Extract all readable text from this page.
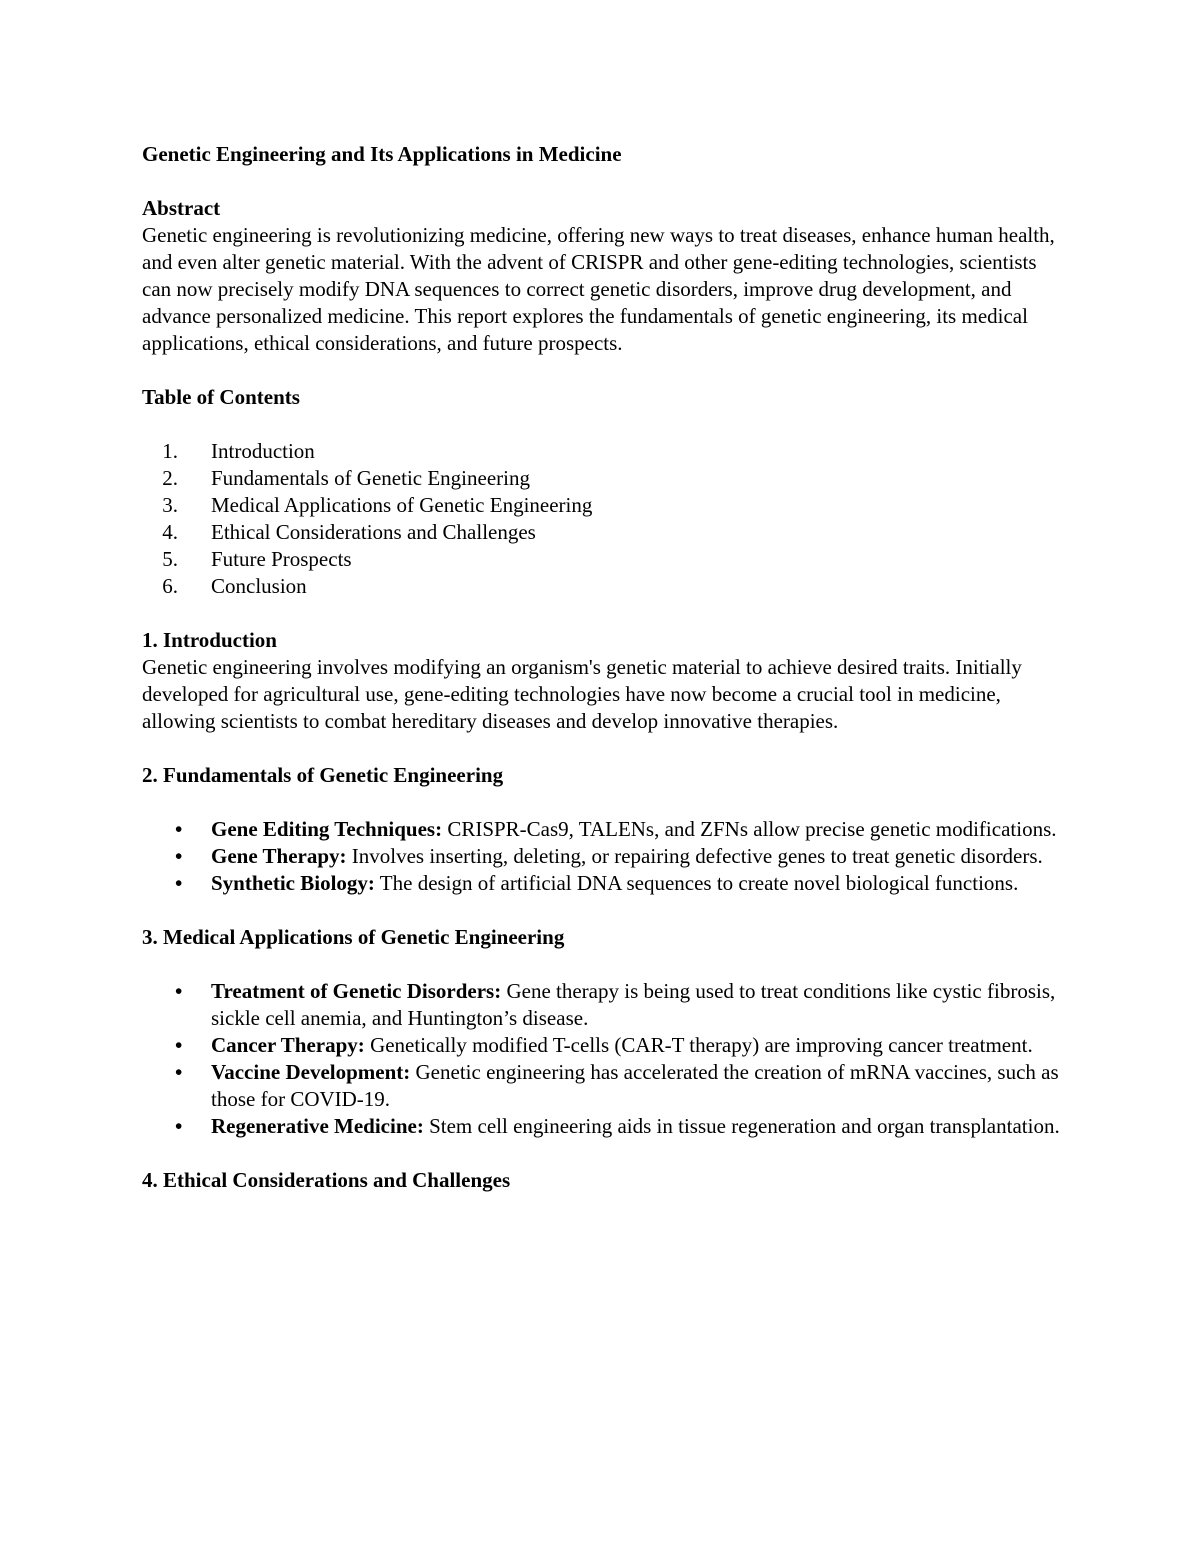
Genetic Engineering and Its Applications in Medicine

Abstract

Genetic engineering is revolutionizing medicine, offering new ways to treat diseases, enhance human health, and even alter genetic material. With the advent of CRISPR and other gene-editing technologies, scientists can now precisely modify DNA sequences to correct genetic disorders, improve drug development, and advance personalized medicine. This report explores the fundamentals of genetic engineering, its medical applications, ethical considerations, and future prospects.

Table of Contents

1.	Introduction
2.	Fundamentals of Genetic Engineering
3.	Medical Applications of Genetic Engineering
4.	Ethical Considerations and Challenges
5.	Future Prospects
6.	Conclusion

1. Introduction

Genetic engineering involves modifying an organism's genetic material to achieve desired traits. Initially developed for agricultural use, gene-editing technologies have now become a crucial tool in medicine, allowing scientists to combat hereditary diseases and develop innovative therapies.

2. Fundamentals of Genetic Engineering

•
Gene Editing Techniques: CRISPR-Cas9, TALENs, and ZFNs allow precise genetic modifications.
•
Gene Therapy: Involves inserting, deleting, or repairing defective genes to treat genetic disorders.
•
Synthetic Biology: The design of artificial DNA sequences to create novel biological functions.

3. Medical Applications of Genetic Engineering

•
Treatment of Genetic Disorders: Gene therapy is being used to treat conditions like cystic fibrosis, sickle cell anemia, and Huntington’s disease.
•
Cancer Therapy: Genetically modified T-cells (CAR-T therapy) are improving cancer treatment.
•
Vaccine Development: Genetic engineering has accelerated the creation of mRNA vaccines, such as those for COVID-19.
•
Regenerative Medicine: Stem cell engineering aids in tissue regeneration and organ transplantation.

4. Ethical Considerations and Challenges
